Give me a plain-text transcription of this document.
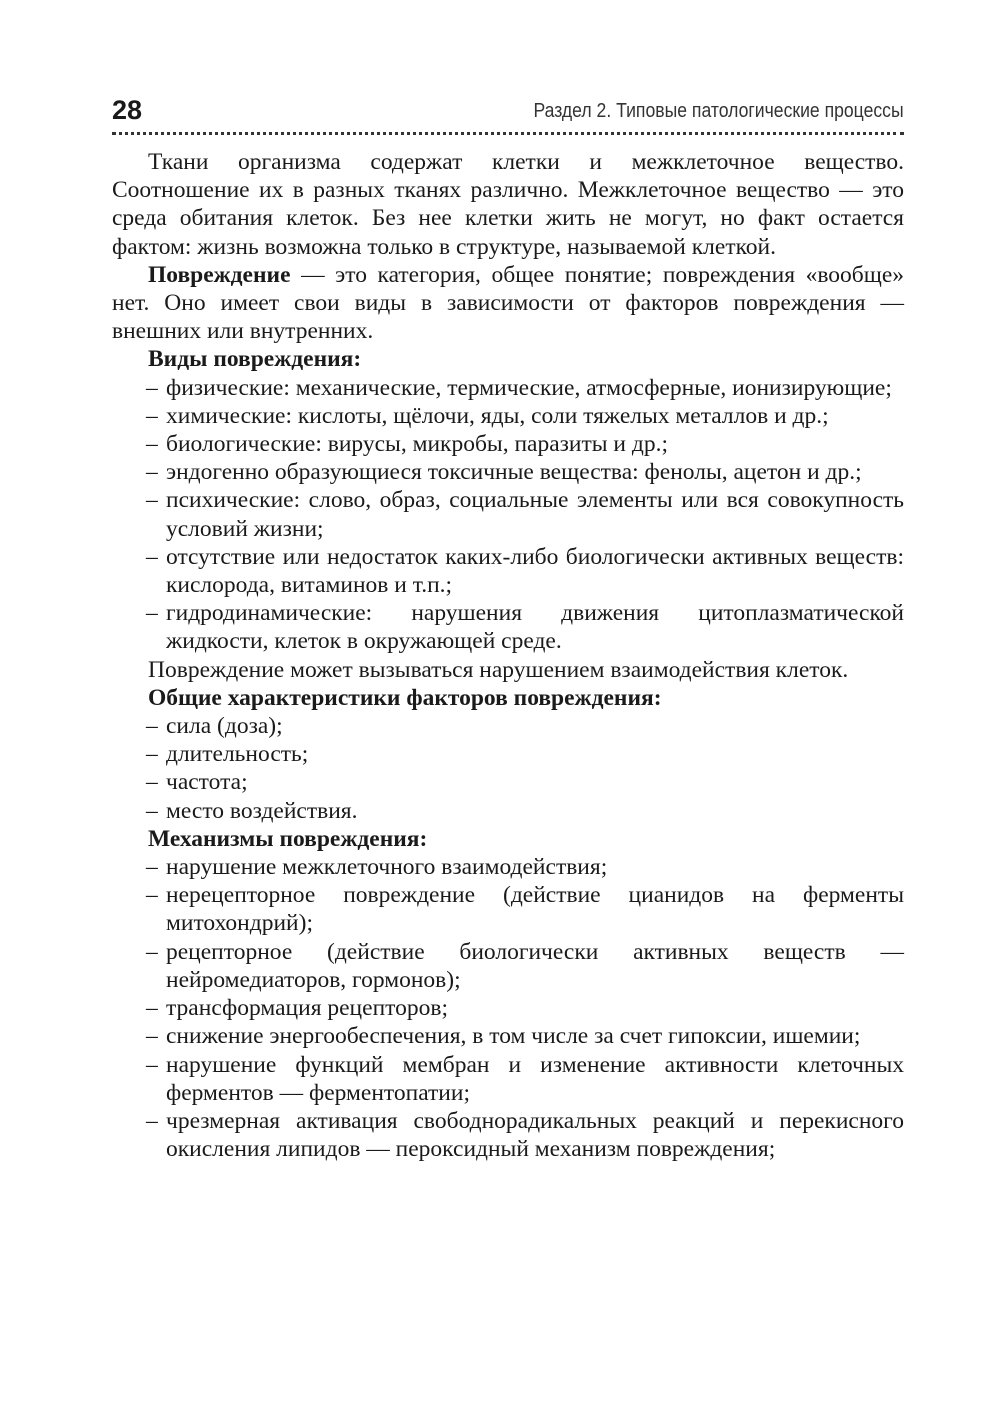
28	Раздел 2. Типовые патологические процессы
Ткани организма содержат клетки и межклеточное вещество. Соотношение их в разных тканях различно. Межклеточное вещество — это среда обитания клеток. Без нее клетки жить не могут, но факт остается фактом: жизнь возможна только в структуре, называемой клеткой.
Повреждение — это категория, общее понятие; повреждения «вообще» нет. Оно имеет свои виды в зависимости от факторов повреждения — внешних или внутренних.
Виды повреждения:
– физические: механические, термические, атмосферные, ионизирующие;
– химические: кислоты, щёлочи, яды, соли тяжелых металлов и др.;
– биологические: вирусы, микробы, паразиты и др.;
– эндогенно образующиеся токсичные вещества: фенолы, ацетон и др.;
– психические: слово, образ, социальные элементы или вся совокупность условий жизни;
– отсутствие или недостаток каких-либо биологически активных веществ: кислорода, витаминов и т.п.;
– гидродинамические: нарушения движения цитоплазматической жидкости, клеток в окружающей среде.
Повреждение может вызываться нарушением взаимодействия клеток.
Общие характеристики факторов повреждения:
– сила (доза);
– длительность;
– частота;
– место воздействия.
Механизмы повреждения:
– нарушение межклеточного взаимодействия;
– нерецепторное повреждение (действие цианидов на ферменты митохондрий);
– рецепторное (действие биологически активных веществ — нейромедиаторов, гормонов);
– трансформация рецепторов;
– снижение энергообеспечения, в том числе за счет гипоксии, ишемии;
– нарушение функций мембран и изменение активности клеточных ферментов — ферментопатии;
– чрезмерная активация свободнорадикальных реакций и перекисного окисления липидов — пероксидный механизм повреждения;
